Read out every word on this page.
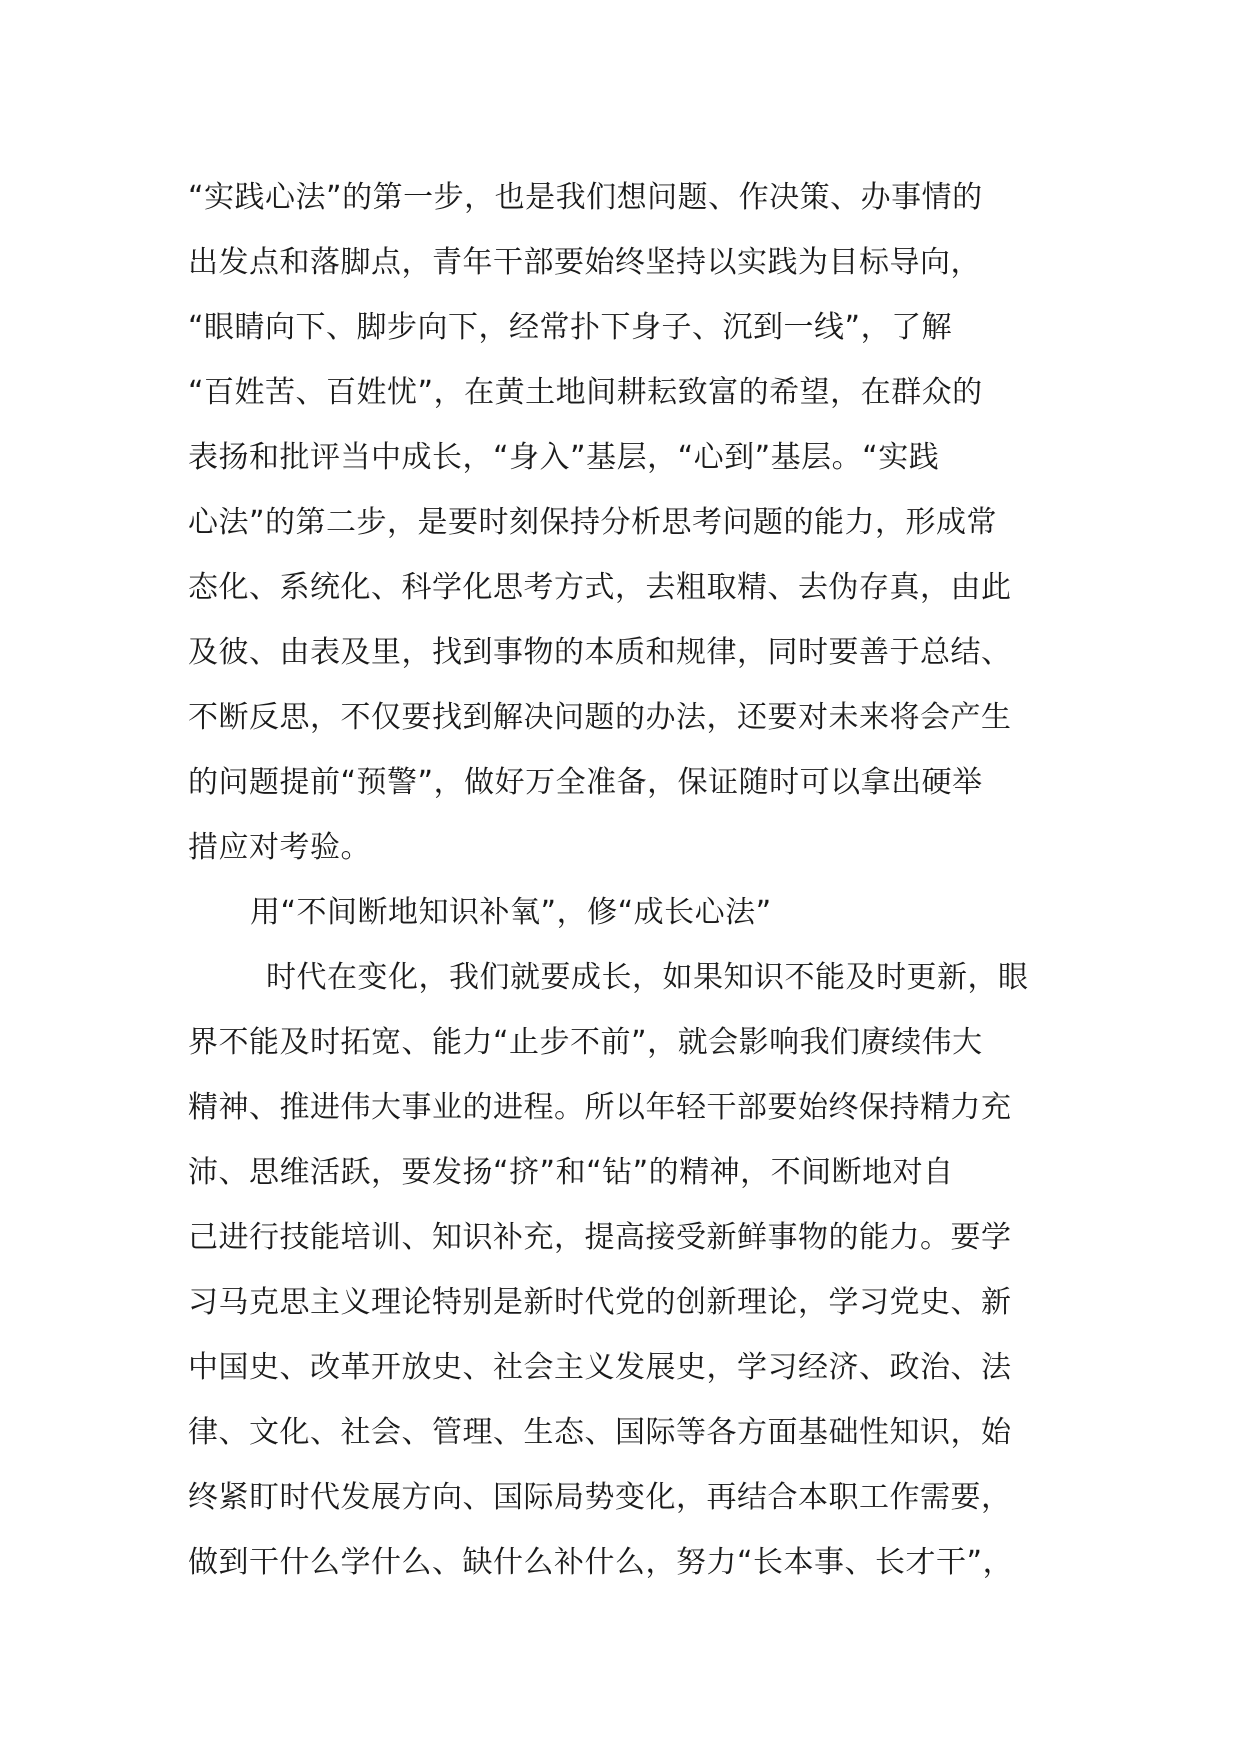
“实践心法”的第一步，也是我们想问题、作决策、办事情的
出发点和落脚点，青年干部要始终坚持以实践为目标导向，
“眼睛向下、脚步向下，经常扑下身子、沉到一线”，了解
“百姓苦、百姓忧”，在黄土地间耕耘致富的希望，在群众的
表扬和批评当中成长，“身入”基层，“心到”基层。“实践
心法”的第二步，是要时刻保持分析思考问题的能力，形成常
态化、系统化、科学化思考方式，去粗取精、去伪存真，由此
及彼、由表及里，找到事物的本质和规律，同时要善于总结、
不断反思，不仅要找到解决问题的办法，还要对未来将会产生
的问题提前“预警”，做好万全准备，保证随时可以拿出硬举
措应对考验。
用“不间断地知识补氧”，修“成长心法”
时代在变化，我们就要成长，如果知识不能及时更新，眼
界不能及时拓宽、能力“止步不前”，就会影响我们赓续伟大
精神、推进伟大事业的进程。所以年轻干部要始终保持精力充
沛、思维活跃，要发扬“挤”和“钻”的精神，不间断地对自
己进行技能培训、知识补充，提高接受新鲜事物的能力。要学
习马克思主义理论特别是新时代党的创新理论，学习党史、新
中国史、改革开放史、社会主义发展史，学习经济、政治、法
律、文化、社会、管理、生态、国际等各方面基础性知识，始
终紧盯时代发展方向、国际局势变化，再结合本职工作需要，
做到干什么学什么、缺什么补什么，努力“长本事、长才干”，
